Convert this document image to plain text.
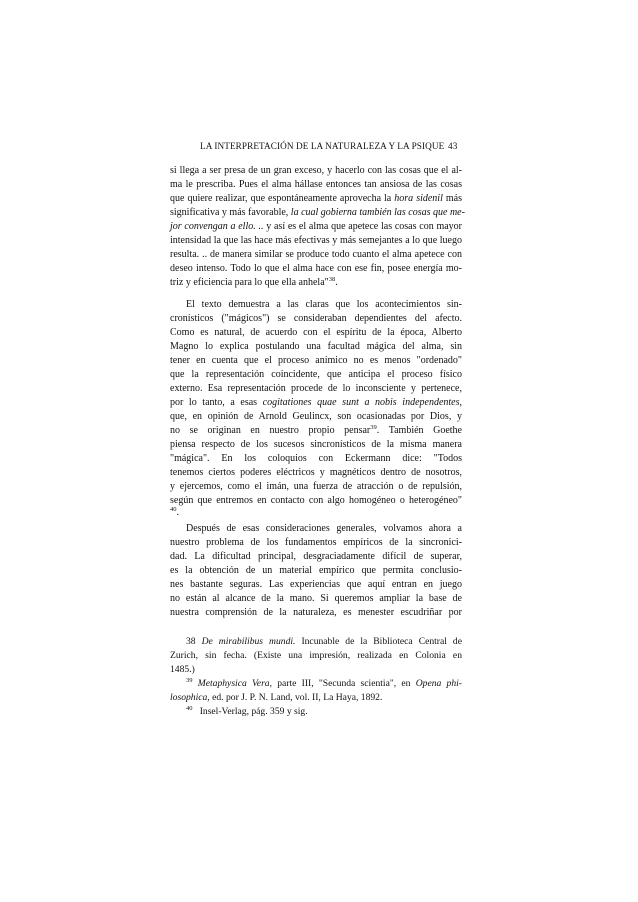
LA INTERPRETACIÓN DE LA NATURALEZA Y LA PSIQUE 43
si llega a ser presa de un gran exceso, y hacerlo con las cosas que el al-
ma le prescriba. Pues el alma hállase entonces tan ansiosa de las cosas
que quiere realizar, que espontáneamente aprovecha la hora sidenil más
significativa y más favorable, la cual gobierna también las cosas que me-
jor convengan a ello. .. y así es el alma que apetece las cosas con mayor
intensidad la que las hace más efectivas y más semejantes a lo que luego
resulta. .. de manera similar se produce todo cuanto el alma apetece con
deseo intenso. Todo lo que el alma hace con ese fin, posee energía mo-
triz y eficiencia para lo que ella anhela"$^{38}$.
El texto demuestra a las claras que los acontecimientos sin-
cronísticos ("mágicos") se consideraban dependientes del afecto.
Como es natural, de acuerdo con el espíritu de la época, Alberto
Magno lo explica postulando una facultad mágica del alma, sin
tener en cuenta que el proceso anímico no es menos "ordenado"
que la representación coincidente, que anticipa el proceso físico
externo. Esa representación procede de lo inconsciente y pertenece,
por lo tanto, a esas cogitationes quae sunt a nobis independentes,
que, en opinión de Arnold Geulincx, son ocasionadas por Dios, y
no se originan en nuestro propio pensar$^{39}$. También Goethe
piensa respecto de los sucesos sincronísticos de la misma manera
"mágica". En los coloquios con Eckermann dice: "Todos
tenemos ciertos poderes eléctricos y magnéticos dentro de nosotros,
y ejercemos, como el imán, una fuerza de atracción o de repulsión,
según que entremos en contacto con algo homogéneo o heterogéneo"
$^{40}$.
Después de esas consideraciones generales, volvamos ahora a
nuestro problema de los fundamentos empíricos de la sincronici-
dad. La dificultad principal, desgraciadamente difícil de superar,
es la obtención de un material empírico que permita conclusio-
nes bastante seguras. Las experiencias que aquí entran en juego
no están al alcance de la mano. Si queremos ampliar la base de
nuestra comprensión de la naturaleza, es menester escudriñar por
38 De mirabilibus mundi. Incunable de la Biblioteca Central de
Zurich, sin fecha. (Existe una impresión, realizada en Colonia en
1485.)
$^{39}$ Metaphysica Vera, parte III, "Secunda scientia", en Opena phi-
losophica, ed. por J. P. N. Land, vol. II, La Haya, 1892.
$^{40}$ Insel-Verlag, pág. 359 y sig.
